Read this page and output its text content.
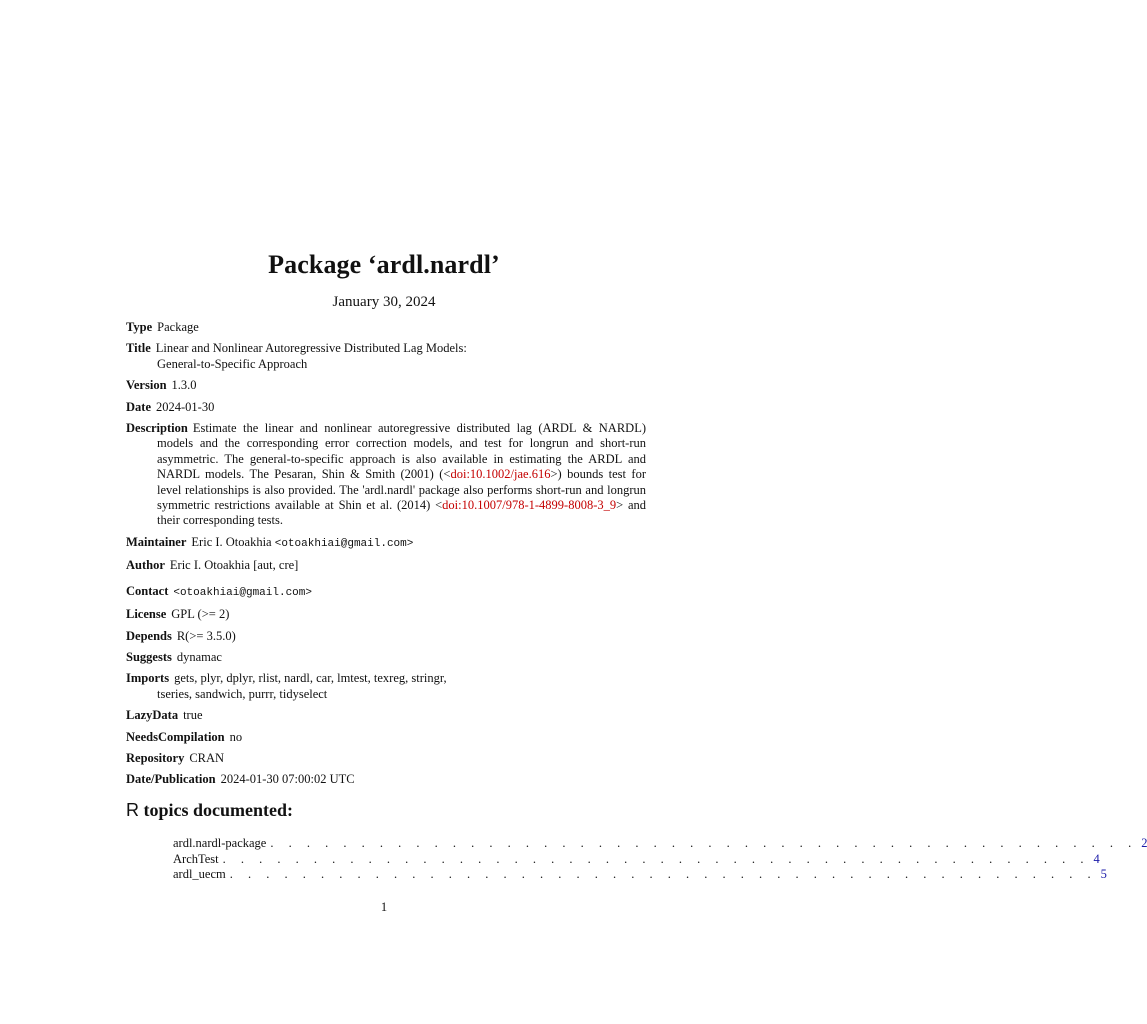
Package ‘ardl.nardl’
January 30, 2024
Type Package
Title Linear and Nonlinear Autoregressive Distributed Lag Models:
General-to-Specific Approach
Version 1.3.0
Date 2024-01-30
Description Estimate the linear and nonlinear autoregressive distributed lag (ARDL & NARDL) models and the corresponding error correction models, and test for longrun and short-run asymmetric. The general-to-specific approach is also available in estimating the ARDL and NARDL models. The Pesaran, Shin & Smith (2001) (<doi:10.1002/jae.616>) bounds test for level relationships is also provided. The 'ardl.nardl' package also performs short-run and longrun symmetric restrictions available at Shin et al. (2014) <doi:10.1007/978-1-4899-8008-3_9> and their corresponding tests.
Maintainer Eric I. Otoakhia <otoakhiai@gmail.com>
Author Eric I. Otoakhia [aut, cre]
Contact <otoakhiai@gmail.com>
License GPL (>= 2)
Depends R(>= 3.5.0)
Suggests dynamac
Imports gets, plyr, dplyr, rlist, nardl, car, lmtest, texreg, stringr,
tseries, sandwich, purrr, tidyselect
LazyData true
NeedsCompilation no
Repository CRAN
Date/Publication 2024-01-30 07:00:02 UTC
R topics documented:
ardl.nardl-package . . . . . . . . . . . . . . . . . . . . . . . . . . . . . . . . . . . . . . . . . . . . . . . . 2
ArchTest . . . . . . . . . . . . . . . . . . . . . . . . . . . . . . . . . . . . . . . . . . . . . . . . 4
ardl_uecm . . . . . . . . . . . . . . . . . . . . . . . . . . . . . . . . . . . . . . . . . . . . . . . . 5
1
